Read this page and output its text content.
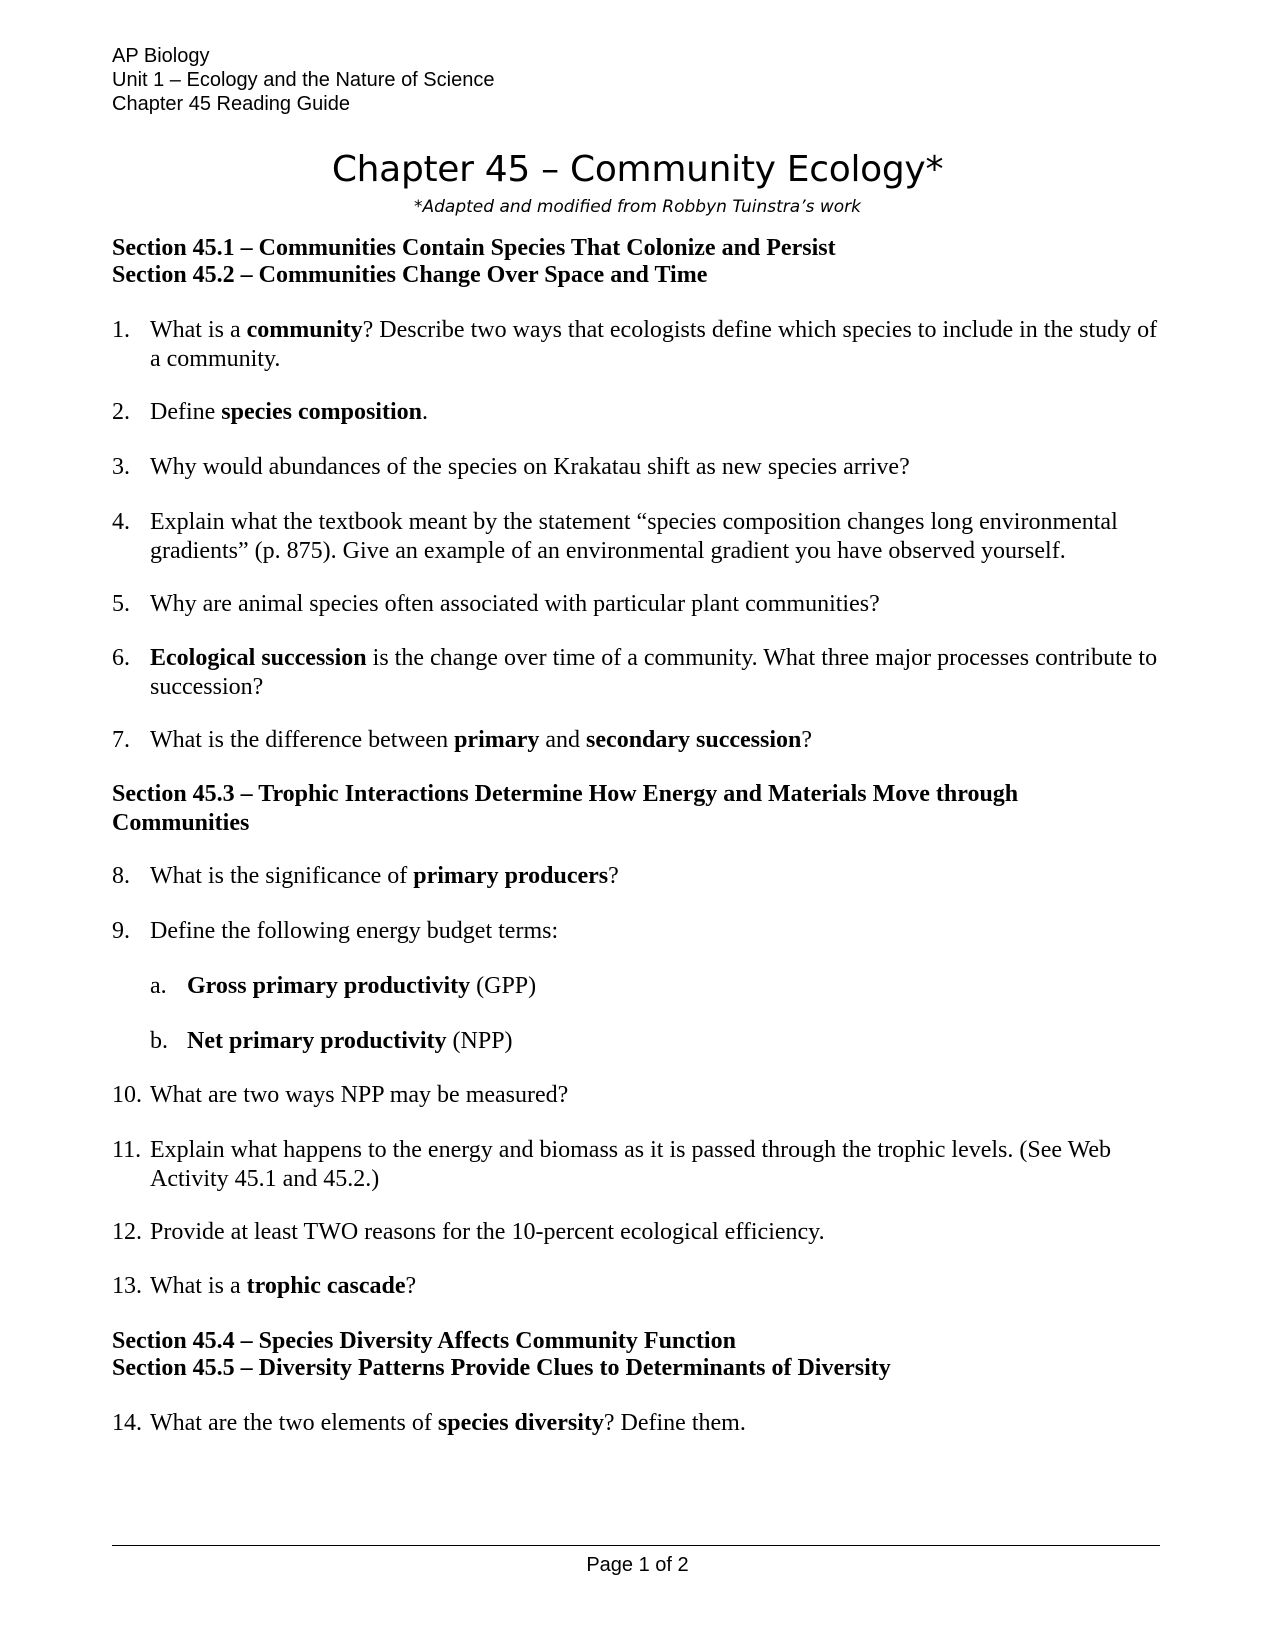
AP Biology
Unit 1 – Ecology and the Nature of Science
Chapter 45 Reading Guide
Chapter 45 – Community Ecology*
*Adapted and modified from Robbyn Tuinstra’s work
Section 45.1 – Communities Contain Species That Colonize and Persist
Section 45.2 – Communities Change Over Space and Time
1. What is a community? Describe two ways that ecologists define which species to include in the study of a community.
2. Define species composition.
3. Why would abundances of the species on Krakatau shift as new species arrive?
4. Explain what the textbook meant by the statement “species composition changes long environmental gradients” (p. 875). Give an example of an environmental gradient you have observed yourself.
5. Why are animal species often associated with particular plant communities?
6. Ecological succession is the change over time of a community. What three major processes contribute to succession?
7. What is the difference between primary and secondary succession?
Section 45.3 – Trophic Interactions Determine How Energy and Materials Move through
Communities
8. What is the significance of primary producers?
9. Define the following energy budget terms:
a. Gross primary productivity (GPP)
b. Net primary productivity (NPP)
10. What are two ways NPP may be measured?
11. Explain what happens to the energy and biomass as it is passed through the trophic levels. (See Web Activity 45.1 and 45.2.)
12. Provide at least TWO reasons for the 10-percent ecological efficiency.
13. What is a trophic cascade?
Section 45.4 – Species Diversity Affects Community Function
Section 45.5 – Diversity Patterns Provide Clues to Determinants of Diversity
14. What are the two elements of species diversity? Define them.
Page 1 of 2
